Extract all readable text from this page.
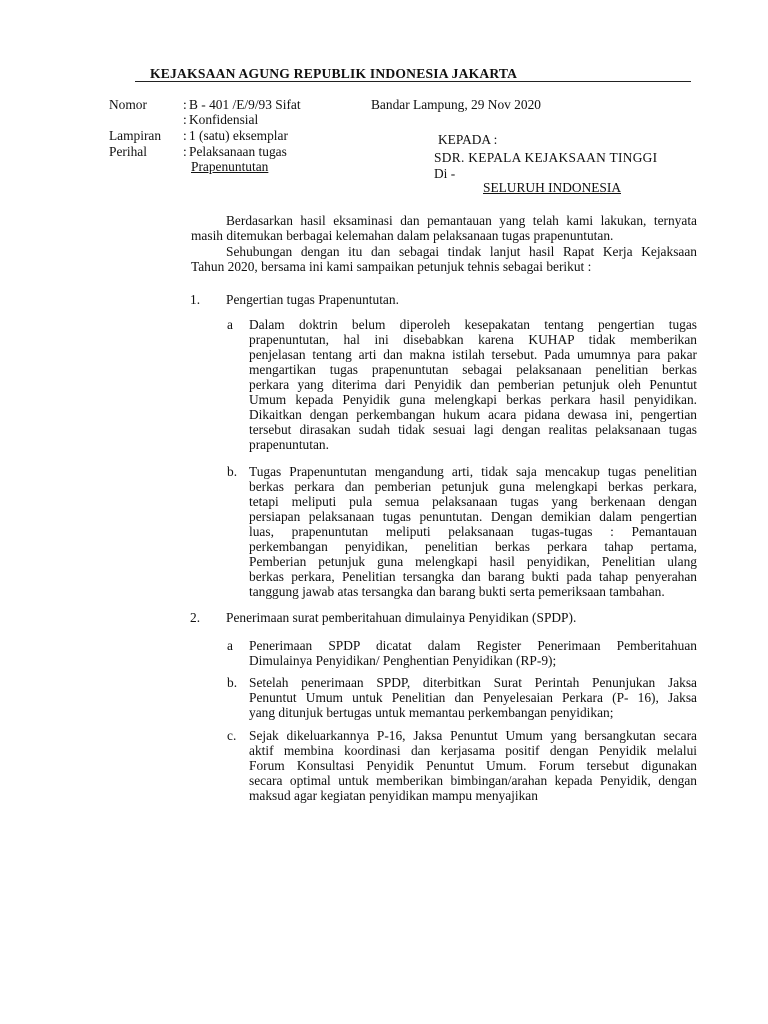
KEJAKSAAN AGUNG REPUBLIK INDONESIA JAKARTA
Nomor	: B - 401 /E/9/93 Sifat
: Konfidensial
Lampiran : 1 (satu) eksemplar
Perihal	: Pelaksanaan tugas
Prapenuntutan
Bandar Lampung, 29 Nov 2020
KEPADA :
SDR. KEPALA KEJAKSAAN TINGGI
Di -
SELURUH INDONESIA
Berdasarkan hasil eksaminasi dan pemantauan yang telah kami lakukan, ternyata
masih ditemukan berbagai kelemahan dalam pelaksanaan tugas prapenuntutan.
Sehubungan dengan itu dan sebagai tindak lanjut hasil Rapat Kerja Kejaksaan
Tahun 2020, bersama ini kami sampaikan petunjuk tehnis sebagai berikut :
1. Pengertian tugas Prapenuntutan.
a Dalam doktrin belum diperoleh kesepakatan tentang pengertian tugas
prapenuntutan, hal ini disebabkan karena KUHAP tidak memberikan
penjelasan tentang arti dan makna istilah tersebut. Pada umumnya para pakar
mengartikan tugas prapenuntutan sebagai pelaksanaan penelitian berkas
perkara yang diterima dari Penyidik dan pemberian petunjuk oleh Penuntut
Umum kepada Penyidik guna melengkapi berkas perkara hasil penyidikan.
Dikaitkan dengan perkembangan hukum acara pidana dewasa ini, pengertian
tersebut dirasakan sudah tidak sesuai lagi dengan realitas pelaksanaan tugas
prapenuntutan.
b. Tugas Prapenuntutan mengandung arti, tidak saja mencakup tugas penelitian
berkas perkara dan pemberian petunjuk guna melengkapi berkas perkara,
tetapi meliputi pula semua pelaksanaan tugas yang berkenaan dengan
persiapan pelaksanaan tugas penuntutan. Dengan demikian dalam pengertian
luas, prapenuntutan meliputi pelaksanaan tugas-tugas : Pemantauan
perkembangan penyidikan, penelitian berkas perkara tahap pertama,
Pemberian petunjuk guna melengkapi hasil penyidikan, Penelitian ulang
berkas perkara, Penelitian tersangka dan barang bukti pada tahap penyerahan
tanggung jawab atas tersangka dan barang bukti serta pemeriksaan tambahan.
2. Penerimaan surat pemberitahuan dimulainya Penyidikan (SPDP).
a Penerimaan SPDP dicatat dalam Register Penerimaan Pemberitahuan
Dimulainya Penyidikan/ Penghentian Penyidikan (RP-9);
b. Setelah penerimaan SPDP, diterbitkan Surat Perintah Penunjukan Jaksa
Penuntut Umum untuk Penelitian dan Penyelesaian Perkara (P- 16), Jaksa
yang ditunjuk bertugas untuk memantau perkembangan penyidikan;
c. Sejak dikeluarkannya P-16, Jaksa Penuntut Umum yang bersangkutan secara
aktif membina koordinasi dan kerjasama positif dengan Penyidik melalui
Forum Konsultasi Penyidik Penuntut Umum. Forum tersebut digunakan
secara optimal untuk memberikan bimbingan/arahan kepada Penyidik, dengan
maksud agar kegiatan penyidikan mampu menyajikan
